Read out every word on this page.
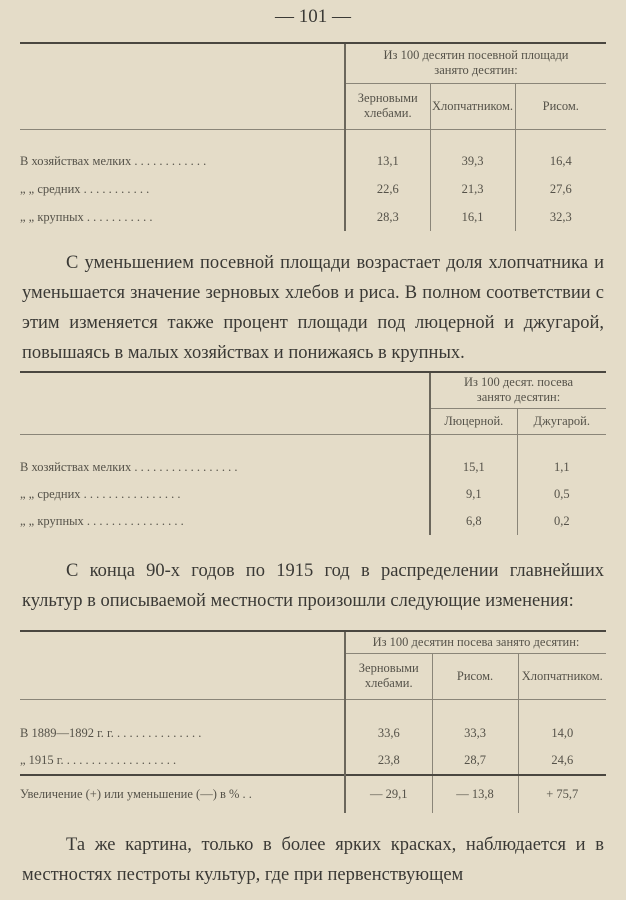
— 101 —
	Из 100 десятин посевной площади занято десятин:		
	Зерновыми хлебами.	Хлопчатником.	Рисом.

В хозяйствах мелких . . . . . . . . . . . .	13,1	39,3	16,4
„ „ средних . . . . . . . . . . .	22,6	21,3	27,6
„ „ крупных . . . . . . . . . . .	28,3	16,1	32,3
С уменьшением посевной площади возрастает доля хлопчатника и уменьшается значение зерновых хлебов и риса. В полном соответствии с этим изменяется также процент площади под люцерной и джугарой, повышаясь в малых хозяйствах и понижаясь в крупных.
	Из 100 десят. посева занято десятин:	
	Люцерной.	Джугарой.

В хозяйствах мелких . . . . . . . . . . . . . . . . .	15,1	1,1
„ „ средних . . . . . . . . . . . . . . . .	9,1	0,5
„ „ крупных . . . . . . . . . . . . . . . .	6,8	0,2
С конца 90-х годов по 1915 год в распределении главнейших культур в описываемой местности произошли следующие изменения:
	Из 100 десятин посева занято десятин:		
	Зерновыми хлебами.	Рисом.	Хлопчатником.

В 1889—1892 г. г. . . . . . . . . . . . . . .	33,6	33,3	14,0
„ 1915 г. . . . . . . . . . . . . . . . . . .	23,8	28,7	24,6
Увеличение (+) или уменьшение (—) в % . .	— 29,1	— 13,8	+ 75,7
Та же картина, только в более ярких красках, наблюдается и в местностях пестроты культур, где при первенствующем
